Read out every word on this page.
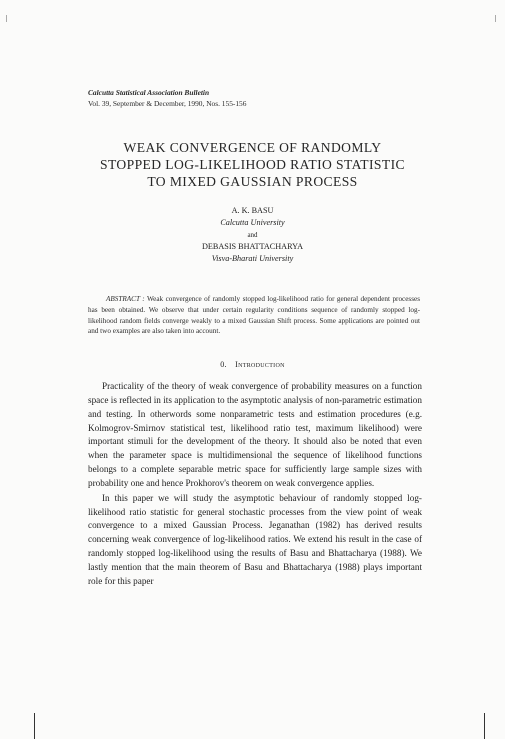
Calcutta Statistical Association Bulletin
Vol. 39, September & December, 1990, Nos. 155-156
WEAK CONVERGENCE OF RANDOMLY
STOPPED LOG-LIKELIHOOD RATIO STATISTIC
TO MIXED GAUSSIAN PROCESS
A. K. BASU
Calcutta University
and
DEBASIS BHATTACHARYA
Visva-Bharati University

ABSTRACT : Weak convergence of randomly stopped log-likelihood ratio for general dependent processes has been obtained. We observe that under certain regularity conditions sequence of randomly stopped log-likelihood random fields converge weakly to a mixed Gaussian Shift process. Some applications are pointed out and two examples are also taken into account.

0. Introduction

Practicality of the theory of weak convergence of probability measures on a function space is reflected in its application to the asymptotic analysis of non-parametric estimation and testing. In otherwords some nonparametric tests and estimation procedures (e.g. Kolmogrov-Smirnov statistical test, likelihood ratio test, maximum likelihood) were important stimuli for the development of the theory. It should also be noted that even when the parameter space is multidimensional the sequence of likelihood functions belongs to a complete separable metric space for sufficiently large sample sizes with probability one and hence Prokhorov's theorem on weak convergence applies.

In this paper we will study the asymptotic behaviour of randomly stopped log-likelihood ratio statistic for general stochastic processes from the view point of weak convergence to a mixed Gaussian Process. Jeganathan (1982) has derived results concerning weak convergence of log-likelihood ratios. We extend his result in the case of randomly stopped log-likelihood using the results of Basu and Bhattacharya (1988). We lastly mention that the main theorem of Basu and Bhattacharya (1988) plays important role for this paper
